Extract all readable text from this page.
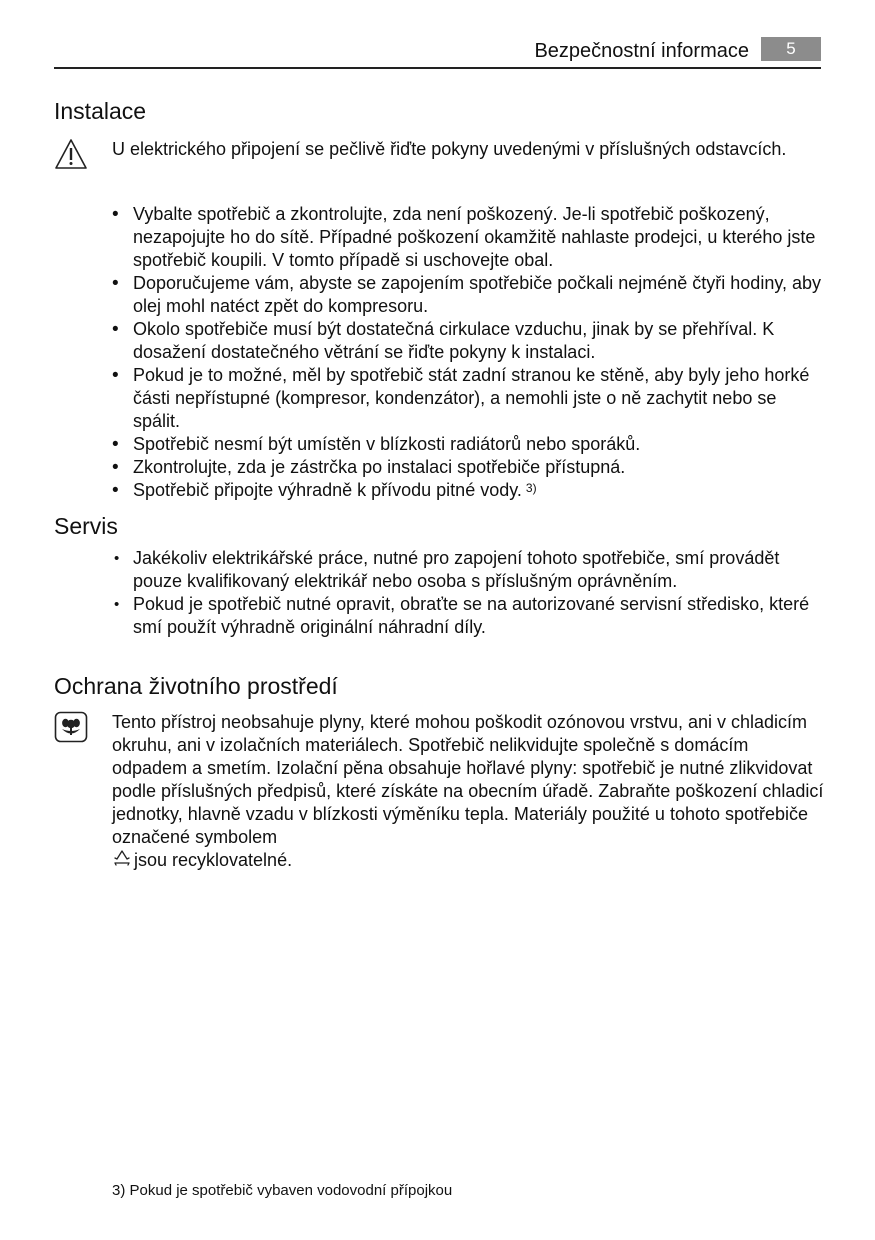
Bezpečnostní informace	5
Instalace

U elektrického připojení se pečlivě řiďte pokyny uvedenými v příslušných odstavcích.

• Vybalte spotřebič a zkontrolujte, zda není poškozený. Je-li spotřebič poškozený, nezapojujte ho do sítě. Případné poškození okamžitě nahlaste prodejci, u kterého jste spotřebič koupili. V tomto případě si uschovejte obal.
• Doporučujeme vám, abyste se zapojením spotřebiče počkali nejméně čtyři hodiny, aby olej mohl natéct zpět do kompresoru.
• Okolo spotřebiče musí být dostatečná cirkulace vzduchu, jinak by se přehříval. K dosažení dostatečného větrání se řiďte pokyny k instalaci.
• Pokud je to možné, měl by spotřebič stát zadní stranou ke stěně, aby byly jeho horké části nepřístupné (kompresor, kondenzátor), a nemohli jste o ně zachytit nebo se spálit.
• Spotřebič nesmí být umístěn v blízkosti radiátorů nebo sporáků.
• Zkontrolujte, zda je zástrčka po instalaci spotřebiče přístupná.
• Spotřebič připojte výhradně k přívodu pitné vody. $^{3)}$
Servis
• Jakékoliv elektrikářské práce, nutné pro zapojení tohoto spotřebiče, smí provádět pouze kvalifikovaný elektrikář nebo osoba s příslušným oprávněním.
• Pokud je spotřebič nutné opravit, obraťte se na autorizované servisní středisko, které smí použít výhradně originální náhradní díly.
Ochrana životního prostředí

Tento přístroj neobsahuje plyny, které mohou poškodit ozónovou vrstvu, ani v chladicím okruhu, ani v izolačních materiálech. Spotřebič nelikvidujte společně s domácím odpadem a smetím. Izolační pěna obsahuje hořlavé plyny: spotřebič je nutné zlikvidovat podle příslušných předpisů, které získáte na obecním úřadě. Zabraňte poškození chladicí jednotky, hlavně vzadu v blízkosti výměníku tepla. Materiály použité u tohoto spotřebiče označené symbolem
jsou recyklovatelné.

3) Pokud je spotřebič vybaven vodovodní přípojkou
